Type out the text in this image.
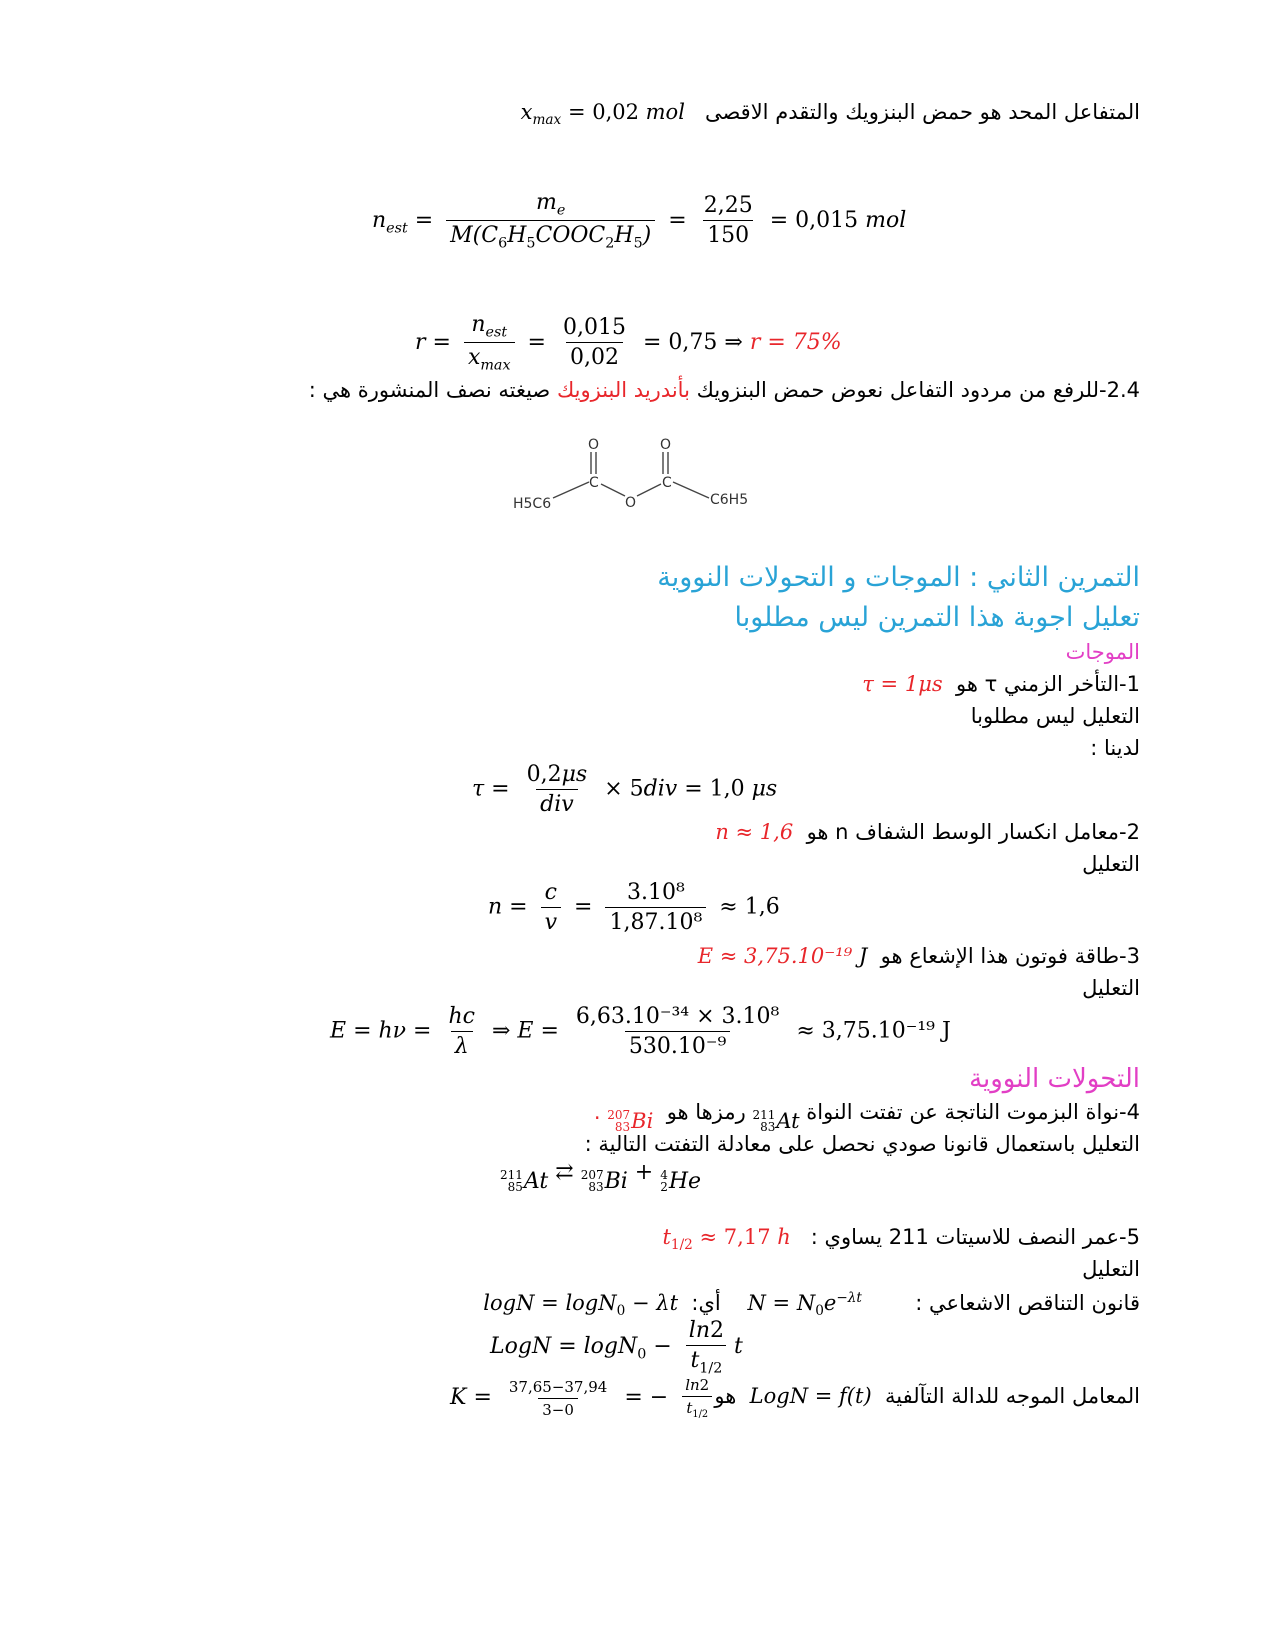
المتفاعل المحد هو حمض البنزويك والتقدم الاقصى   $x_{max} = 0,02$ mol
$n_{est} = \frac{m_e}{M(C_6H_5COOC_2H_5)} = \frac{2,25}{150} = 0,015$ mol
$r = \frac{n_{est}}{x_{max}} = \frac{0,015}{0,02} = 0,75$ ⇒ r = 75%
2.4-للرفع من مردود التفاعل نعوض حمض البنزويك بأندريد البنزويك صيغته نصف المنشورة هي :
O	O
C	C
O
H5C6	C6H5
التمرين الثاني : الموجات و التحولات النووية
تعليل اجوبة هذا التمرين ليس مطلوبا
الموجات
1-التأخر الزمني τ هو  τ = 1μs
التعليل ليس مطلوبا
لدينا :
$\tau = \frac{0,2\mu s}{\text{div}} \times 5div = 1,0$ μs
2-معامل انكسار الوسط الشفاف n هو  n ≈ 1,6
التعليل
$n = \frac{c}{v} = \frac{\text{3.10⁸}}{\text{1,87.10⁸}} \approx 1,6$
3-طاقة فوتون هذا الإشعاع هو  E ≈ 3,75.10⁻¹⁹ J
التعليل
$E = h\nu = \frac{hc}{\lambda}$ ⇒ $E = \frac{\text{6,63.10⁻³⁴ × 3.10⁸}}{\text{530.10⁻⁹}} \approx 3,75.10^{-19}$ J
التحولات النووية
4-نواة البزموت الناتجة عن تفتت النواة
211
83 At
رمزها هو
207
83 Bi
.
التعليل باستعمال قانونا صودي نحصل على معادلة التفتت التالية :
211
85 At ⇄ 207
83 Bi + 4
2 He
5-عمر النصف للاسيتات 211 يساوي :   $t_{1/2} \approx 7,17$ h
التعليل
قانون التناقص الاشعاعي :        $N = N_0e^{-\lambda t}$    أي:  logN = logN$_0$ − λt
LogN = $\log N_0 - \frac{\ln 2}{t_{1/2}}$ t
المعامل الموجه للدالة التآلفية  LogN = f(t)  هو
$K = \frac{37,65-37,94}{3-0}$ = − $\frac{\ln 2}{t_{1/2}}$
